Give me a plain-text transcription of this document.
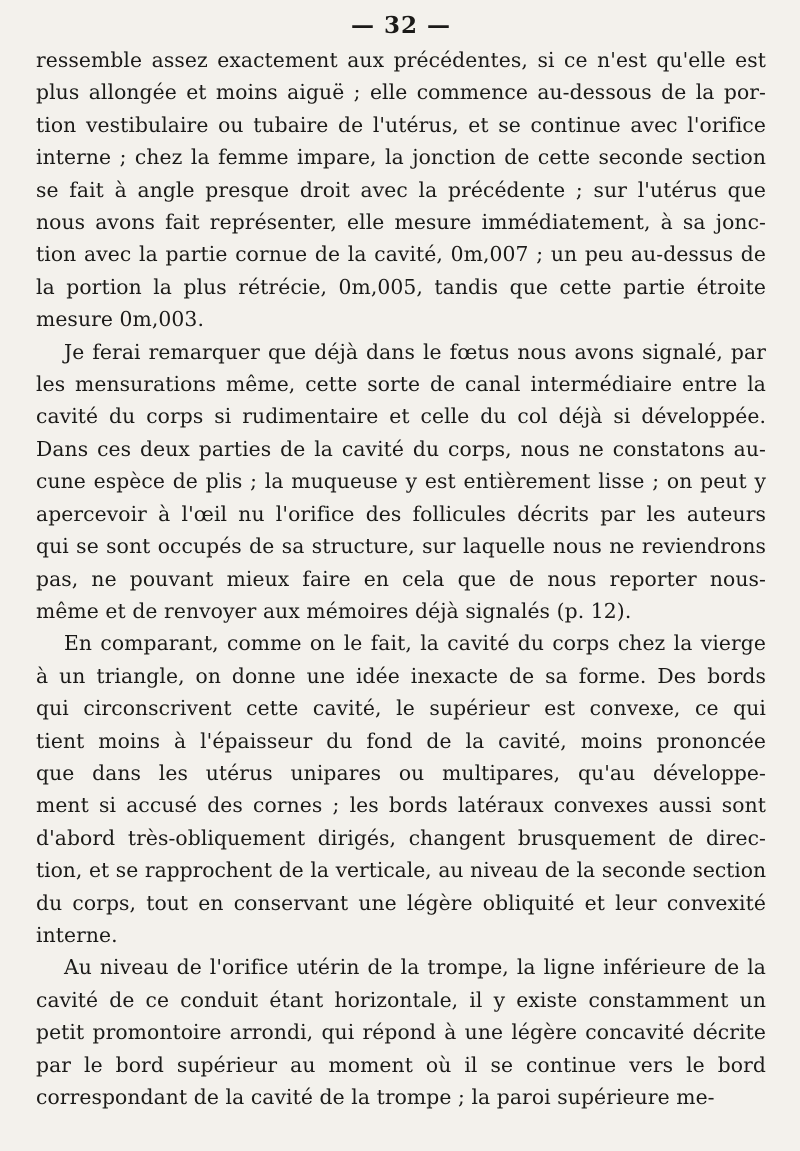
— 32 —

ressemble assez exactement aux précédentes, si ce n'est qu'elle est
plus allongée et moins aiguë ; elle commence au-dessous de la por-
tion vestibulaire ou tubaire de l'utérus, et se continue avec l'orifice
interne ; chez la femme impare, la jonction de cette seconde section
se fait à angle presque droit avec la précédente ; sur l'utérus que
nous avons fait représenter, elle mesure immédiatement, à sa jonc-
tion avec la partie cornue de la cavité, 0m,007 ; un peu au-dessus de
la portion la plus rétrécie, 0m,005, tandis que cette partie étroite
mesure 0m,003.

Je ferai remarquer que déjà dans le fœtus nous avons signalé, par
les mensurations même, cette sorte de canal intermédiaire entre la
cavité du corps si rudimentaire et celle du col déjà si développée.
Dans ces deux parties de la cavité du corps, nous ne constatons au-
cune espèce de plis ; la muqueuse y est entièrement lisse ; on peut y
apercevoir à l'œil nu l'orifice des follicules décrits par les auteurs
qui se sont occupés de sa structure, sur laquelle nous ne reviendrons
pas, ne pouvant mieux faire en cela que de nous reporter nous-
même et de renvoyer aux mémoires déjà signalés (p. 12).

En comparant, comme on le fait, la cavité du corps chez la vierge
à un triangle, on donne une idée inexacte de sa forme. Des bords
qui circonscrivent cette cavité, le supérieur est convexe, ce qui
tient moins à l'épaisseur du fond de la cavité, moins prononcée
que dans les utérus unipares ou multipares, qu'au développe-
ment si accusé des cornes ; les bords latéraux convexes aussi sont
d'abord très-obliquement dirigés, changent brusquement de direc-
tion, et se rapprochent de la verticale, au niveau de la seconde section
du corps, tout en conservant une légère obliquité et leur convexité
interne.

Au niveau de l'orifice utérin de la trompe, la ligne inférieure de la
cavité de ce conduit étant horizontale, il y existe constamment un
petit promontoire arrondi, qui répond à une légère concavité décrite
par le bord supérieur au moment où il se continue vers le bord
correspondant de la cavité de la trompe ; la paroi supérieure me-
